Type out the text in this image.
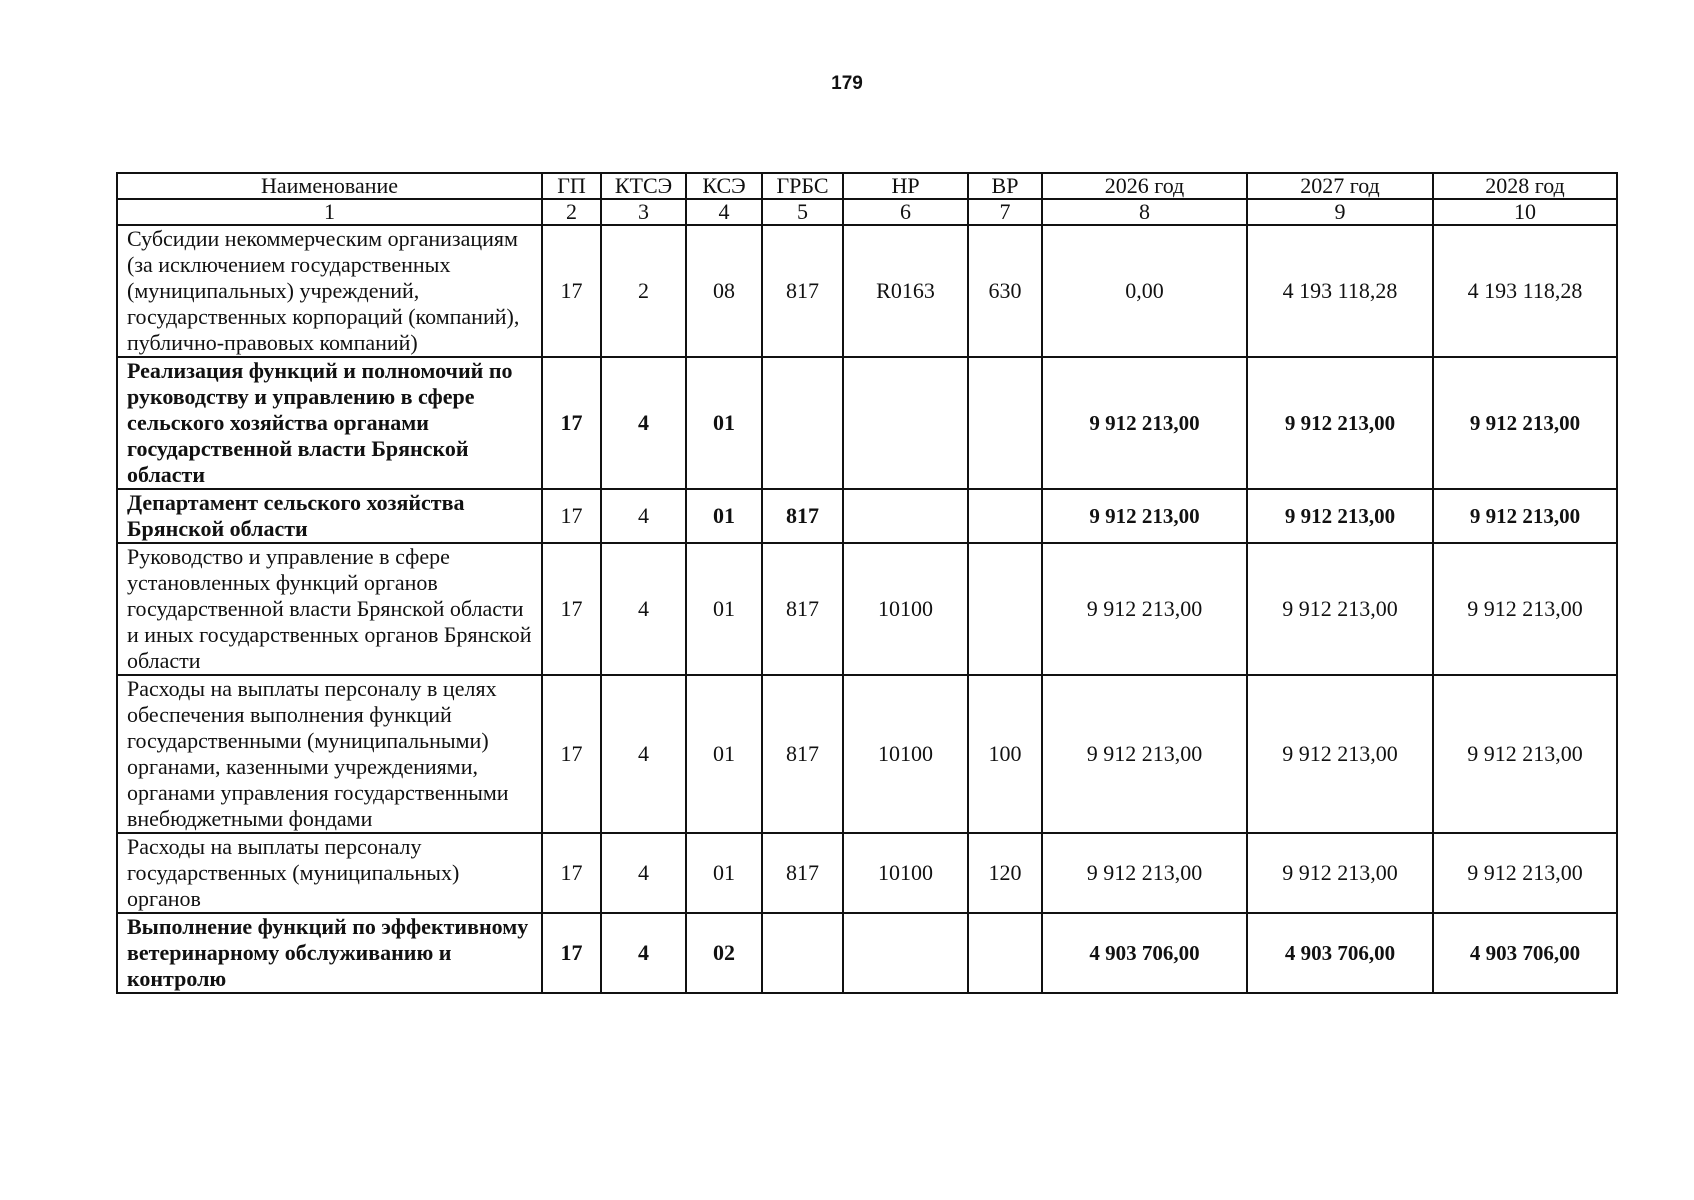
179
Наименование	ГП	КТСЭ	КСЭ	ГРБС	НР	ВР	2026 год	2027 год	2028 год
1	2	3	4	5	6	7	8	9	10
Субсидии некоммерческим организациям (за исключением государственных (муниципальных) учреждений, государственных корпораций (компаний), публично-правовых компаний)	17	2	08	817	R0163	630	0,00	4 193 118,28	4 193 118,28
Реализация функций и полномочий по руководству и управлению в сфере сельского хозяйства органами государственной власти Брянской области	17	4	01				9 912 213,00	9 912 213,00	9 912 213,00
Департамент сельского хозяйства Брянской области	17	4	01	817			9 912 213,00	9 912 213,00	9 912 213,00
Руководство и управление в сфере установленных функций органов государственной власти Брянской области и иных государственных органов Брянской области	17	4	01	817	10100		9 912 213,00	9 912 213,00	9 912 213,00
Расходы на выплаты персоналу в целях обеспечения выполнения функций государственными (муниципальными) органами, казенными учреждениями, органами управления государственными внебюджетными фондами	17	4	01	817	10100	100	9 912 213,00	9 912 213,00	9 912 213,00
Расходы на выплаты персоналу государственных (муниципальных) органов	17	4	01	817	10100	120	9 912 213,00	9 912 213,00	9 912 213,00
Выполнение функций по эффективному ветеринарному обслуживанию и контролю	17	4	02				4 903 706,00	4 903 706,00	4 903 706,00
